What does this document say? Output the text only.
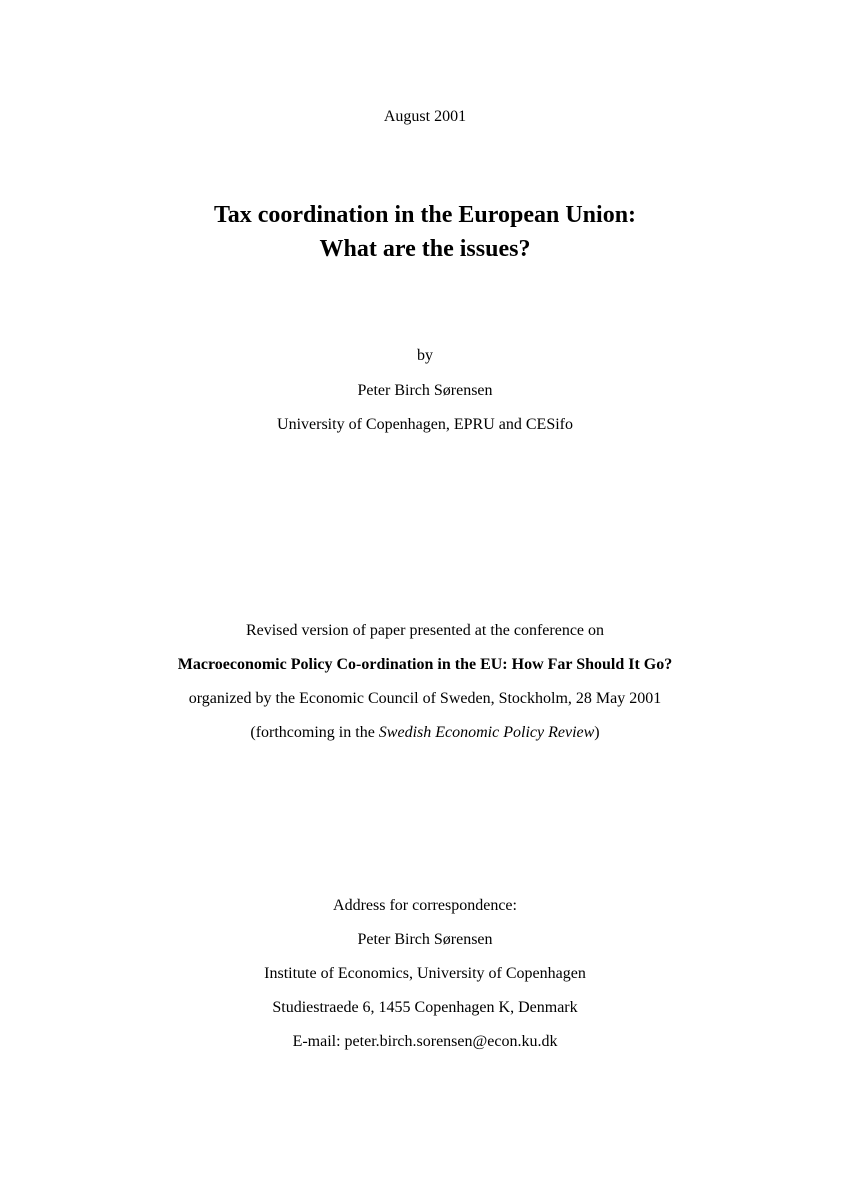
August 2001
Tax coordination in the European Union:
What are the issues?
by
Peter Birch Sørensen
University of Copenhagen, EPRU and CESifo
Revised version of paper presented at the conference on
Macroeconomic Policy Co-ordination in the EU: How Far Should It Go?
organized by the Economic Council of Sweden, Stockholm, 28 May 2001
(forthcoming in the Swedish Economic Policy Review)
Address for correspondence:
Peter Birch Sørensen
Institute of Economics, University of Copenhagen
Studiestraede 6, 1455 Copenhagen K, Denmark
E-mail: peter.birch.sorensen@econ.ku.dk
